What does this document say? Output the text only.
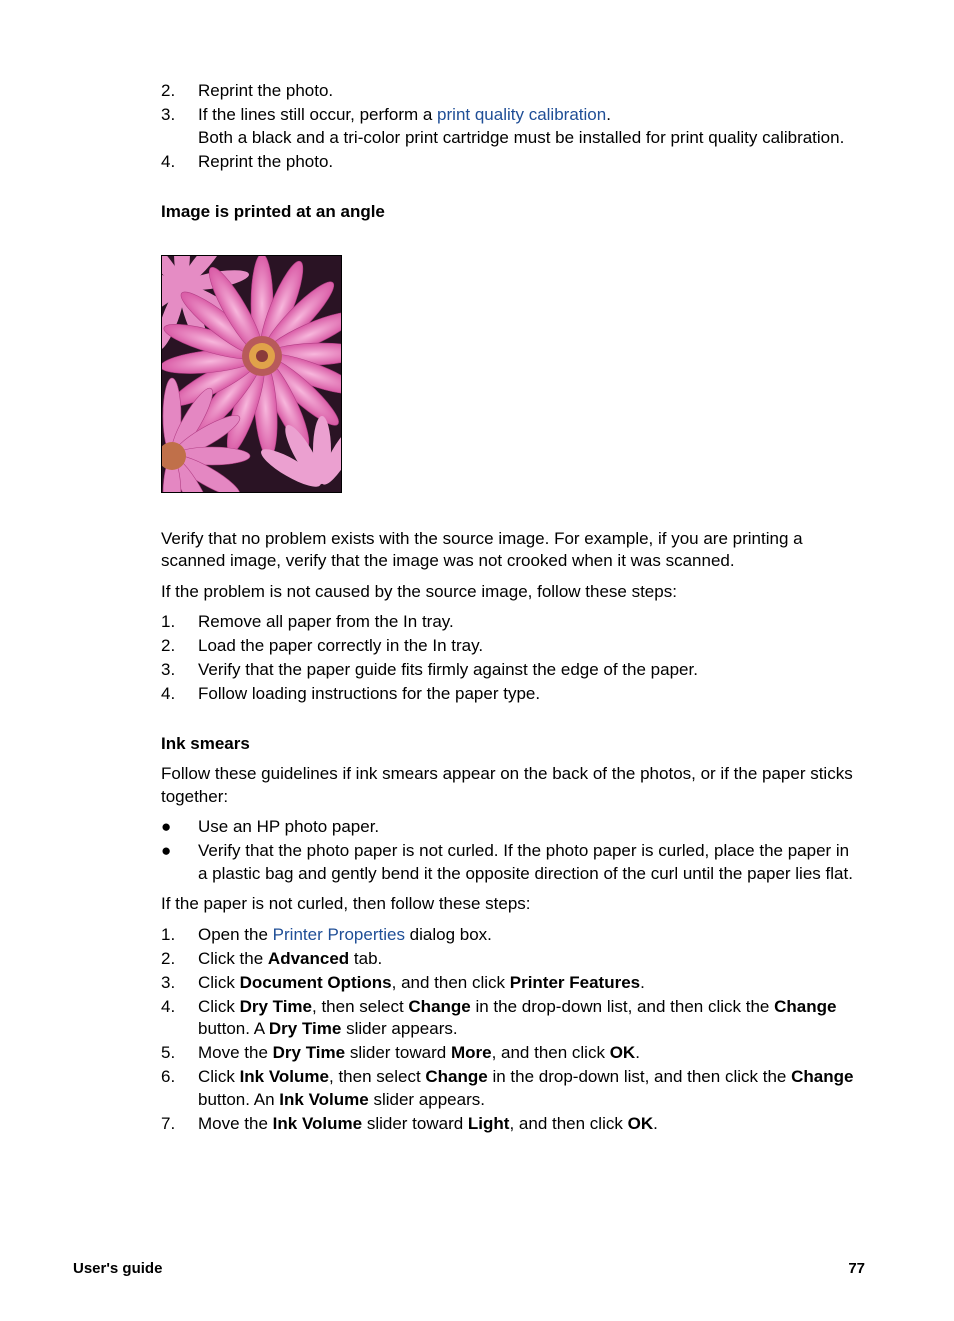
2.	Reprint the photo.
3.	If the lines still occur, perform a print quality calibration.
Both a black and a tri-color print cartridge must be installed for print quality calibration.
4.	Reprint the photo.
Image is printed at an angle

Verify that no problem exists with the source image. For example, if you are printing a scanned image, verify that the image was not crooked when it was scanned.

If the problem is not caused by the source image, follow these steps:

1.	Remove all paper from the In tray.
2.	Load the paper correctly in the In tray.
3.	Verify that the paper guide fits firmly against the edge of the paper.
4.	Follow loading instructions for the paper type.
Ink smears

Follow these guidelines if ink smears appear on the back of the photos, or if the paper sticks together:

●	Use an HP photo paper.
●	Verify that the photo paper is not curled. If the photo paper is curled, place the paper in a plastic bag and gently bend it the opposite direction of the curl until the paper lies flat.

If the paper is not curled, then follow these steps:

1.	Open the Printer Properties dialog box.
2.	Click the Advanced tab.
3.	Click Document Options, and then click Printer Features.
4.	Click Dry Time, then select Change in the drop-down list, and then click the Change button. A Dry Time slider appears.
5.	Move the Dry Time slider toward More, and then click OK.
6.	Click Ink Volume, then select Change in the drop-down list, and then click the Change button. An Ink Volume slider appears.
7.	Move the Ink Volume slider toward Light, and then click OK.
User's guide	77
